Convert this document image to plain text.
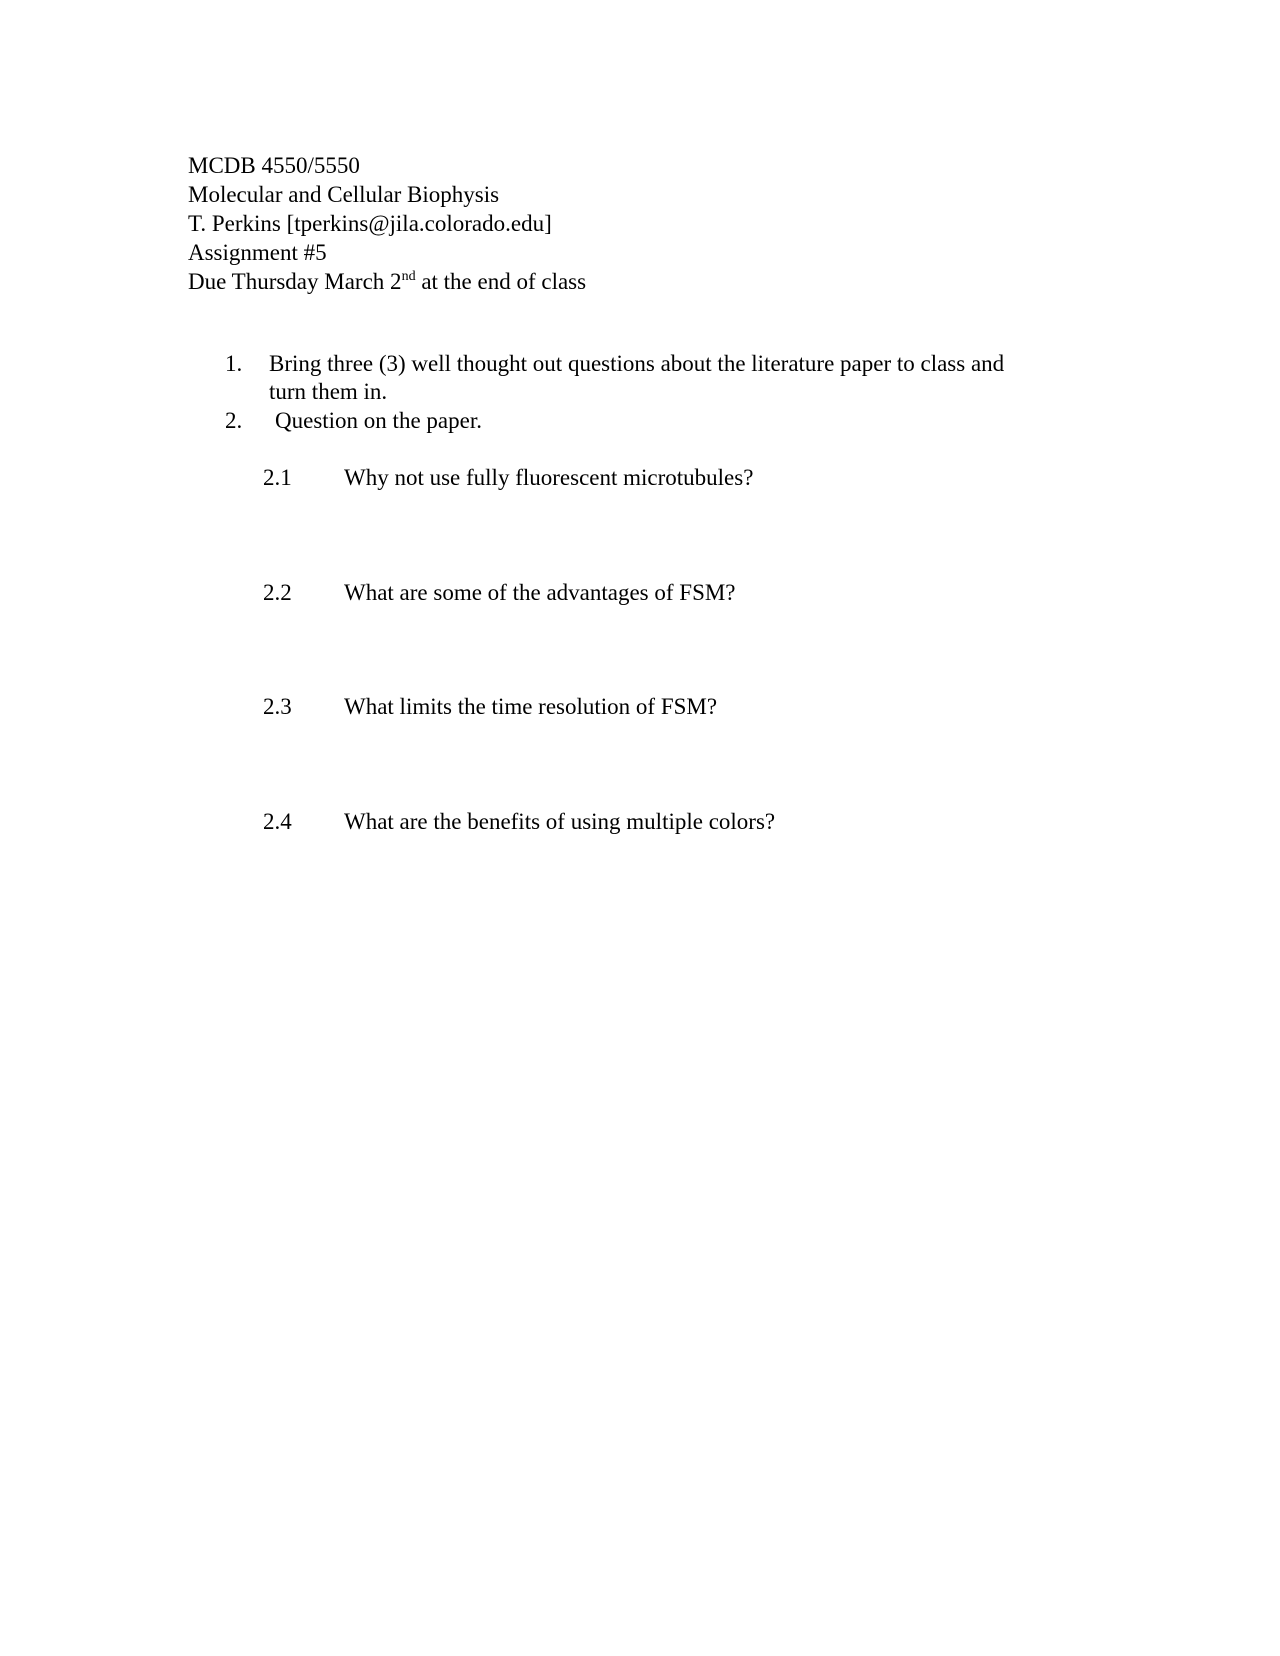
MCDB 4550/5550
Molecular and Cellular Biophysis
T. Perkins [tperkins@jila.colorado.edu]
Assignment #5
Due Thursday March 2nd at the end of class
1. Bring three (3) well thought out questions about the literature paper to class and
turn them in.
2. Question on the paper.
2.1 Why not use fully fluorescent microtubules?
2.2 What are some of the advantages of FSM?
2.3 What limits the time resolution of FSM?
2.4 What are the benefits of using multiple colors?
